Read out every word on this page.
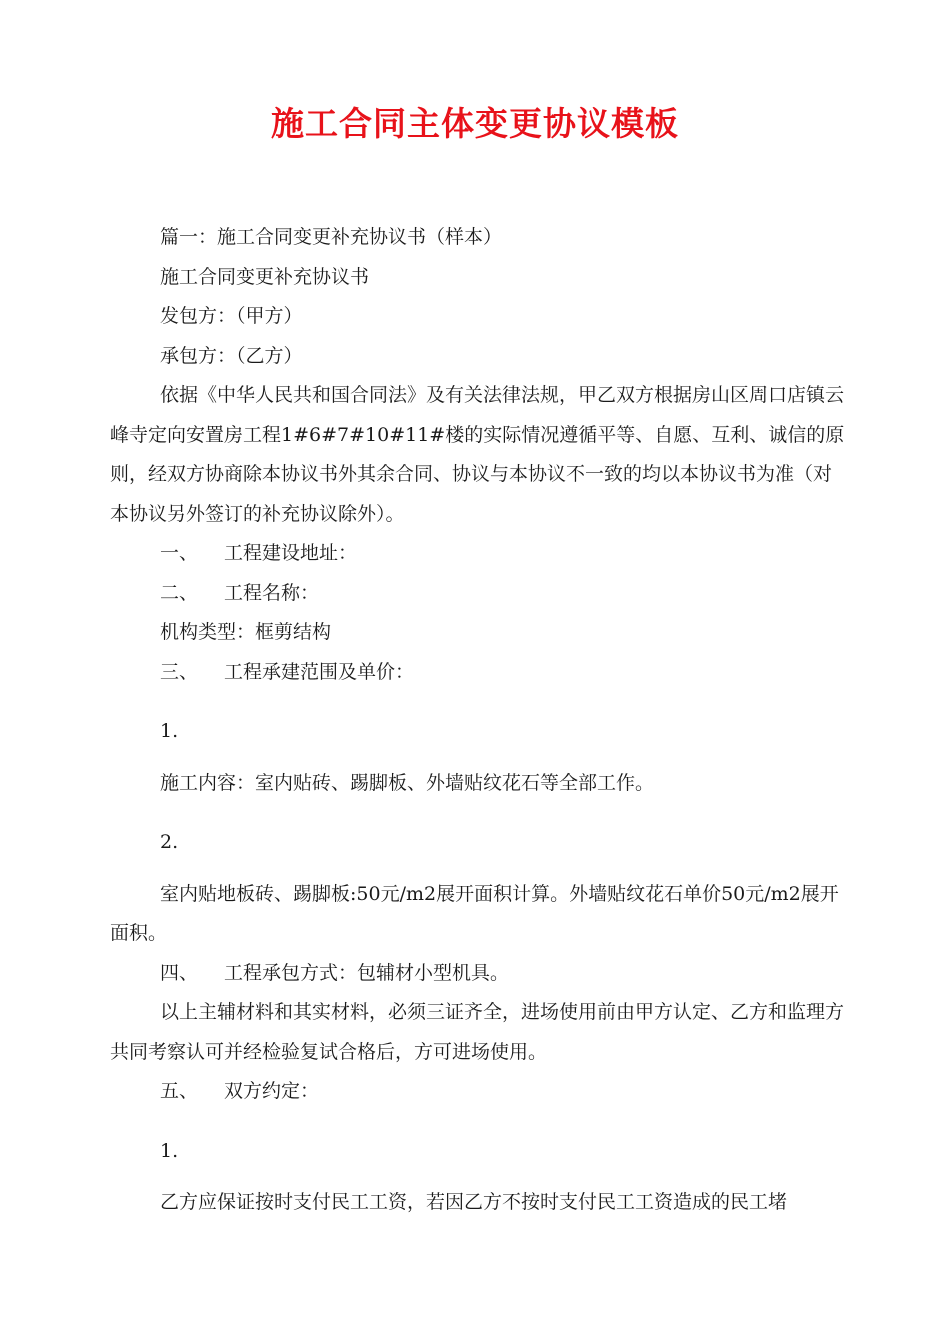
施工合同主体变更协议模板

篇一：施工合同变更补充协议书（样本）

施工合同变更补充协议书

发包方：（甲方）

承包方：（乙方）

依据《中华人民共和国合同法》及有关法律法规，甲乙双方根据房山区周口店镇云峰寺定向安置房工程1#6#7#10#11#楼的实际情况遵循平等、自愿、互利、诚信的原则，经双方协商除本协议书外其余合同、协议与本协议不一致的均以本协议书为准（对本协议另外签订的补充协议除外）。

一、 工程建设地址：

二、 工程名称：

机构类型：框剪结构

三、 工程承建范围及单价：

1.

施工内容：室内贴砖、踢脚板、外墙贴纹花石等全部工作。

2.

室内贴地板砖、踢脚板:50元/m2展开面积计算。外墙贴纹花石单价50元/m2展开面积。

四、 工程承包方式：包辅材小型机具。

以上主辅材料和其实材料，必须三证齐全，进场使用前由甲方认定、乙方和监理方共同考察认可并经检验复试合格后，方可进场使用。

五、 双方约定：

1.

乙方应保证按时支付民工工资，若因乙方不按时支付民工工资造成的民工堵
